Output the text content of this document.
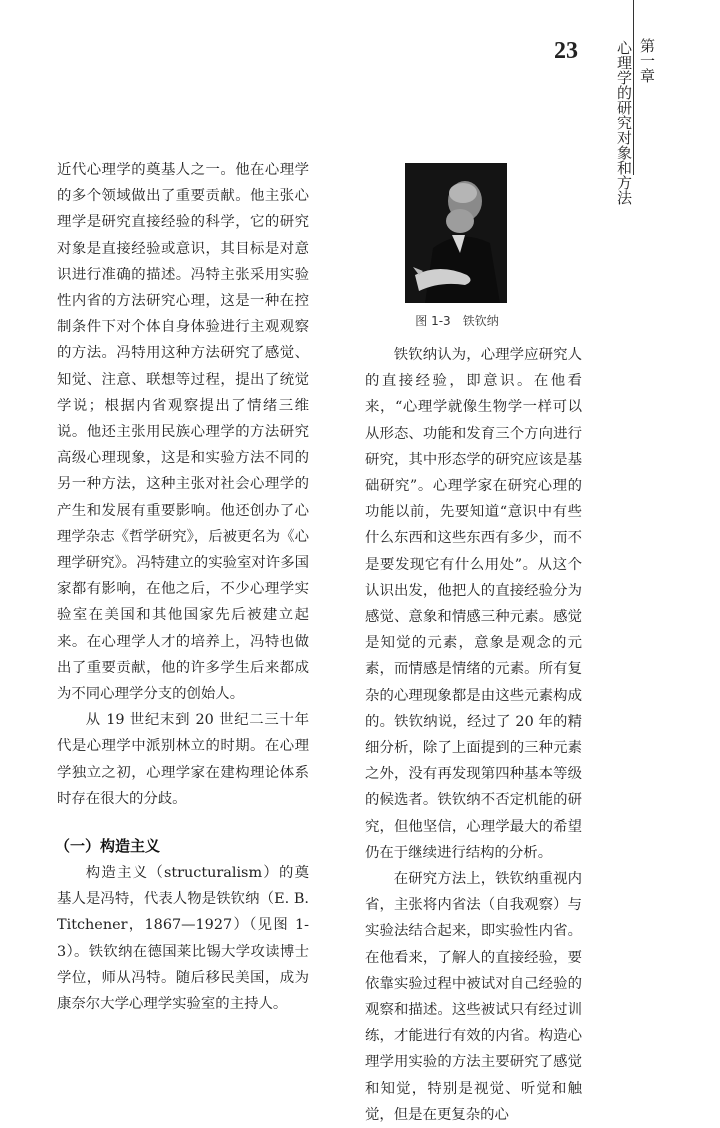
23 心理学的研究对象和方法 第一章

近代心理学的奠基人之一。他在心理学的多个领域做出了重要贡献。他主张心理学是研究直接经验的科学，它的研究对象是直接经验或意识，其目标是对意识进行准确的描述。冯特主张采用实验性内省的方法研究心理，这是一种在控制条件下对个体自身体验进行主观观察的方法。冯特用这种方法研究了感觉、知觉、注意、联想等过程，提出了统觉学说；根据内省观察提出了情绪三维说。他还主张用民族心理学的方法研究高级心理现象，这是和实验方法不同的另一种方法，这种主张对社会心理学的产生和发展有重要影响。他还创办了心理学杂志《哲学研究》，后被更名为《心理学研究》。冯特建立的实验室对许多国家都有影响，在他之后，不少心理学实验室在美国和其他国家先后被建立起来。在心理学人才的培养上，冯特也做出了重要贡献，他的许多学生后来都成为不同心理学分支的创始人。

从 19 世纪末到 20 世纪二三十年代是心理学中派别林立的时期。在心理学独立之初，心理学家在建构理论体系时存在很大的分歧。

（一）构造主义

构造主义（structuralism）的奠基人是冯特，代表人物是铁钦纳（E. B. Titchener，1867—1927）（见图 1-3）。铁钦纳在德国莱比锡大学攻读博士学位，师从冯特。随后移民美国，成为康奈尔大学心理学实验室的主持人。

图 1-3　铁钦纳

铁钦纳认为，心理学应研究人的直接经验，即意识。在他看来，“心理学就像生物学一样可以从形态、功能和发育三个方向进行研究，其中形态学的研究应该是基础研究”。心理学家在研究心理的功能以前，先要知道“意识中有些什么东西和这些东西有多少，而不是要发现它有什么用处”。从这个认识出发，他把人的直接经验分为感觉、意象和情感三种元素。感觉是知觉的元素，意象是观念的元素，而情感是情绪的元素。所有复杂的心理现象都是由这些元素构成的。铁钦纳说，经过了 20 年的精细分析，除了上面提到的三种元素之外，没有再发现第四种基本等级的候选者。铁钦纳不否定机能的研究，但他坚信，心理学最大的希望仍在于继续进行结构的分析。

在研究方法上，铁钦纳重视内省，主张将内省法（自我观察）与实验法结合起来，即实验性内省。在他看来，了解人的直接经验，要依靠实验过程中被试对自己经验的观察和描述。这些被试只有经过训练，才能进行有效的内省。构造心理学用实验的方法主要研究了感觉和知觉，特别是视觉、听觉和触觉，但是在更复杂的心
